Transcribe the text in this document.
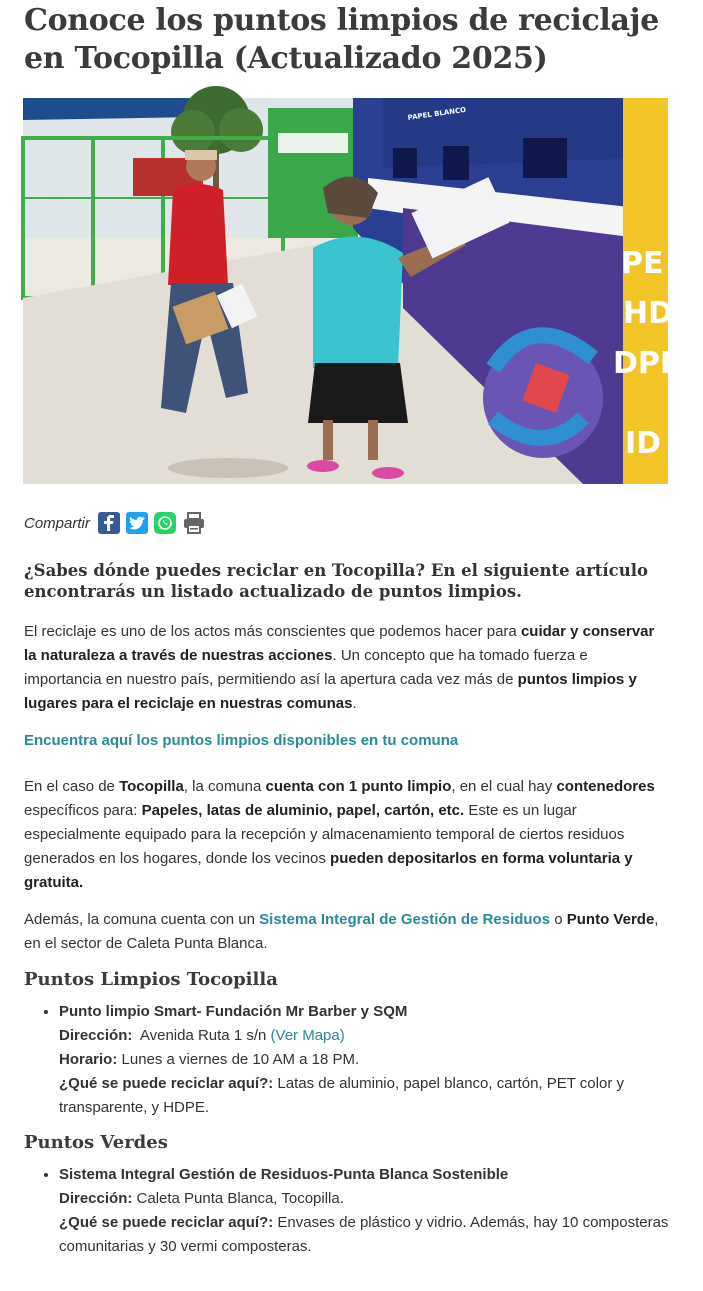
Conoce los puntos limpios de reciclaje en Tocopilla (Actualizado 2025)
PE
HD
DPE
ID
PAPEL BLANCO
Compartir

¿Sabes dónde puedes reciclar en Tocopilla? En el siguiente artículo encontrarás un listado actualizado de puntos limpios.

El reciclaje es uno de los actos más conscientes que podemos hacer para cuidar y conservar la naturaleza a través de nuestras acciones. Un concepto que ha tomado fuerza e importancia en nuestro país, permitiendo así la apertura cada vez más de puntos limpios y lugares para el reciclaje en nuestras comunas.

Encuentra aquí los puntos limpios disponibles en tu comuna

En el caso de Tocopilla, la comuna cuenta con 1 punto limpio, en el cual hay contenedores específicos para: Papeles, latas de aluminio, papel, cartón, etc. Este es un lugar especialmente equipado para la recepción y almacenamiento temporal de ciertos residuos generados en los hogares, donde los vecinos pueden depositarlos en forma voluntaria y gratuita.

Además, la comuna cuenta con un Sistema Integral de Gestión de Residuos o Punto Verde, en el sector de Caleta Punta Blanca.

Puntos Limpios Tocopilla
• Punto limpio Smart- Fundación Mr Barber y SQM
Dirección:  Avenida Ruta 1 s/n (Ver Mapa)
Horario: Lunes a viernes de 10 AM a 18 PM.
¿Qué se puede reciclar aquí?: Latas de aluminio, papel blanco, cartón, PET color y transparente, y HDPE.
Puntos Verdes
• Sistema Integral Gestión de Residuos-Punta Blanca Sostenible
Dirección: Caleta Punta Blanca, Tocopilla.
¿Qué se puede reciclar aquí?: Envases de plástico y vidrio. Además, hay 10 composteras comunitarias y 30 vermi composteras.
